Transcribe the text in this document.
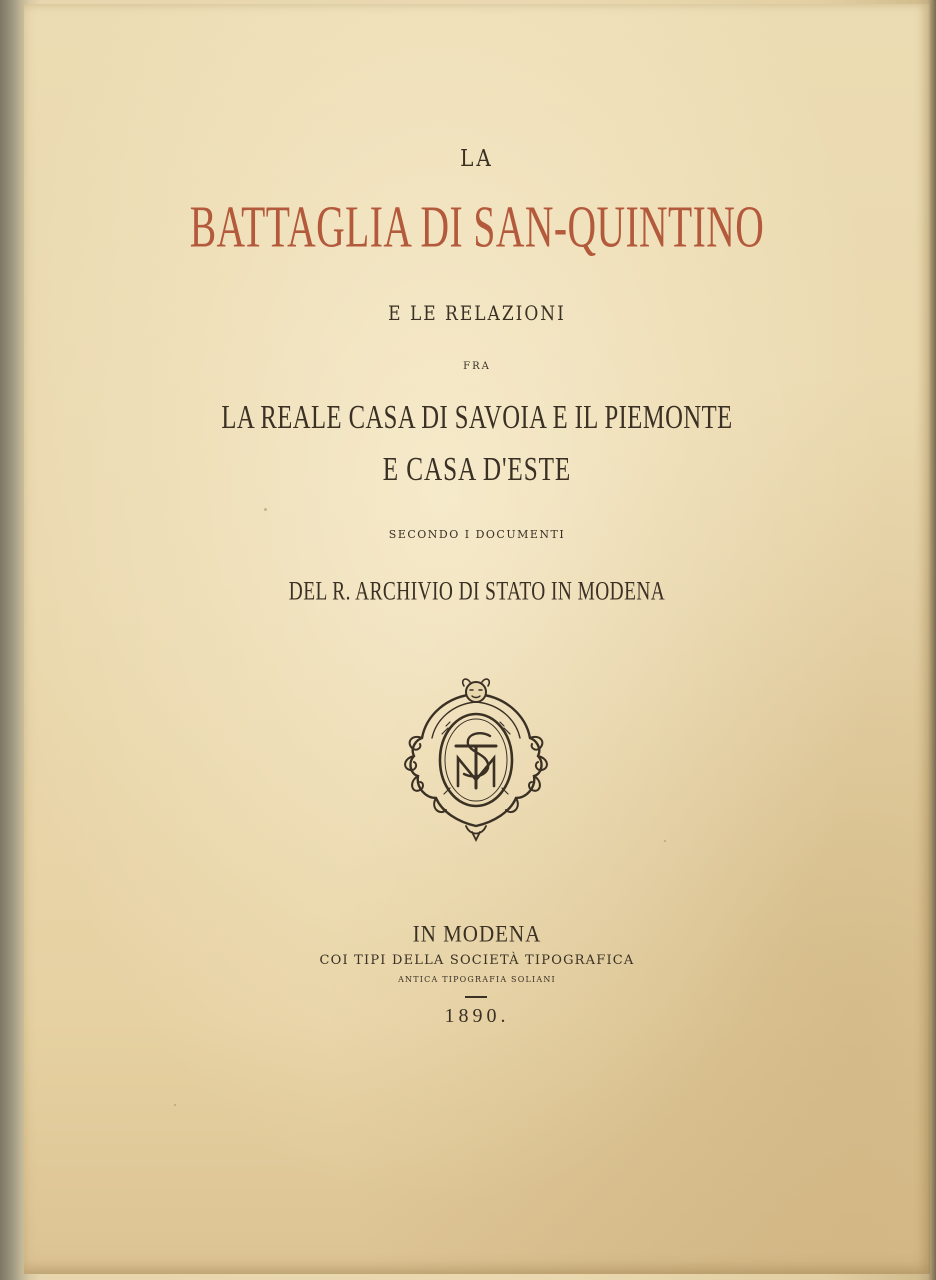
LA
BATTAGLIA DI SAN-QUINTINO
E LE RELAZIONI
FRA
LA REALE CASA DI SAVOIA E IL PIEMONTE
E CASA D'ESTE
SECONDO I DOCUMENTI
DEL R. ARCHIVIO DI STATO IN MODENA
IN MODENA
COI TIPI DELLA SOCIETÀ TIPOGRAFICA
ANTICA TIPOGRAFIA SOLIANI
1890.
